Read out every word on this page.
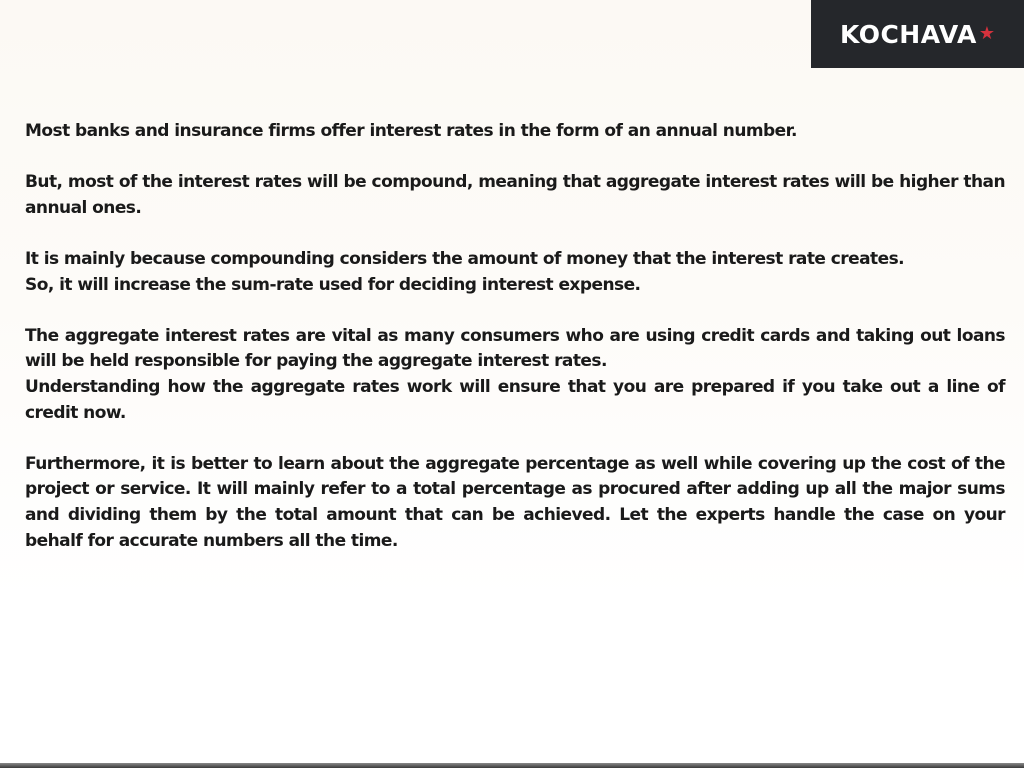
KOCHAVA ★

Most banks and insurance firms offer interest rates in the form of an annual number.

But, most of the interest rates will be compound, meaning that aggregate interest rates will be higher than annual ones.

It is mainly because compounding considers the amount of money that the interest rate creates.
So, it will increase the sum-rate used for deciding interest expense.

The aggregate interest rates are vital as many consumers who are using credit cards and taking out loans will be held responsible for paying the aggregate interest rates.
Understanding how the aggregate rates work will ensure that you are prepared if you take out a line of credit now.

Furthermore, it is better to learn about the aggregate percentage as well while covering up the cost of the project or service. It will mainly refer to a total percentage as procured after adding up all the major sums and dividing them by the total amount that can be achieved. Let the experts handle the case on your behalf for accurate numbers all the time.
